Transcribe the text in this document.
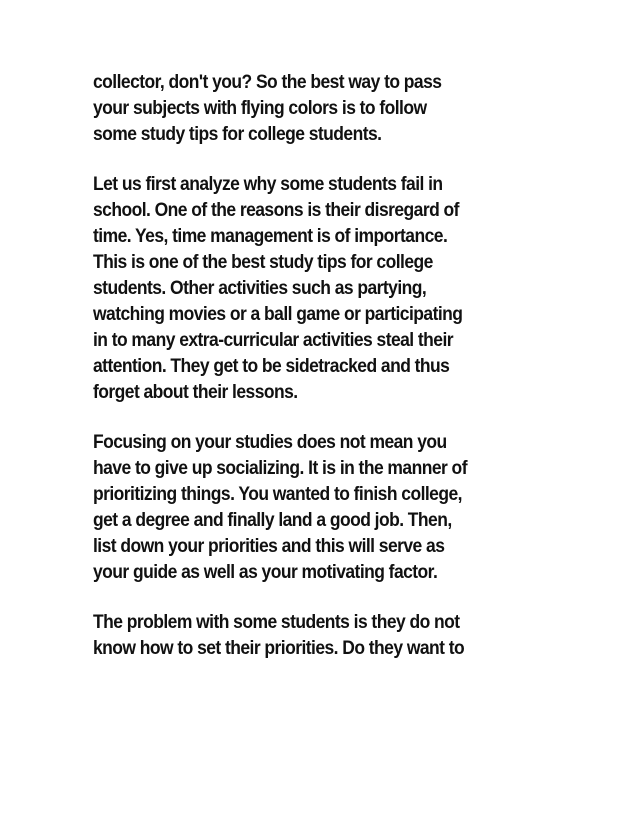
collector, don't you? So the best way to pass
your subjects with flying colors is to follow
some study tips for college students.

Let us first analyze why some students fail in
school. One of the reasons is their disregard of
time. Yes, time management is of importance.
This is one of the best study tips for college
students. Other activities such as partying,
watching movies or a ball game or participating
in to many extra-curricular activities steal their
attention. They get to be sidetracked and thus
forget about their lessons.

Focusing on your studies does not mean you
have to give up socializing. It is in the manner of
prioritizing things. You wanted to finish college,
get a degree and finally land a good job. Then,
list down your priorities and this will serve as
your guide as well as your motivating factor.

The problem with some students is they do not
know how to set their priorities. Do they want to
